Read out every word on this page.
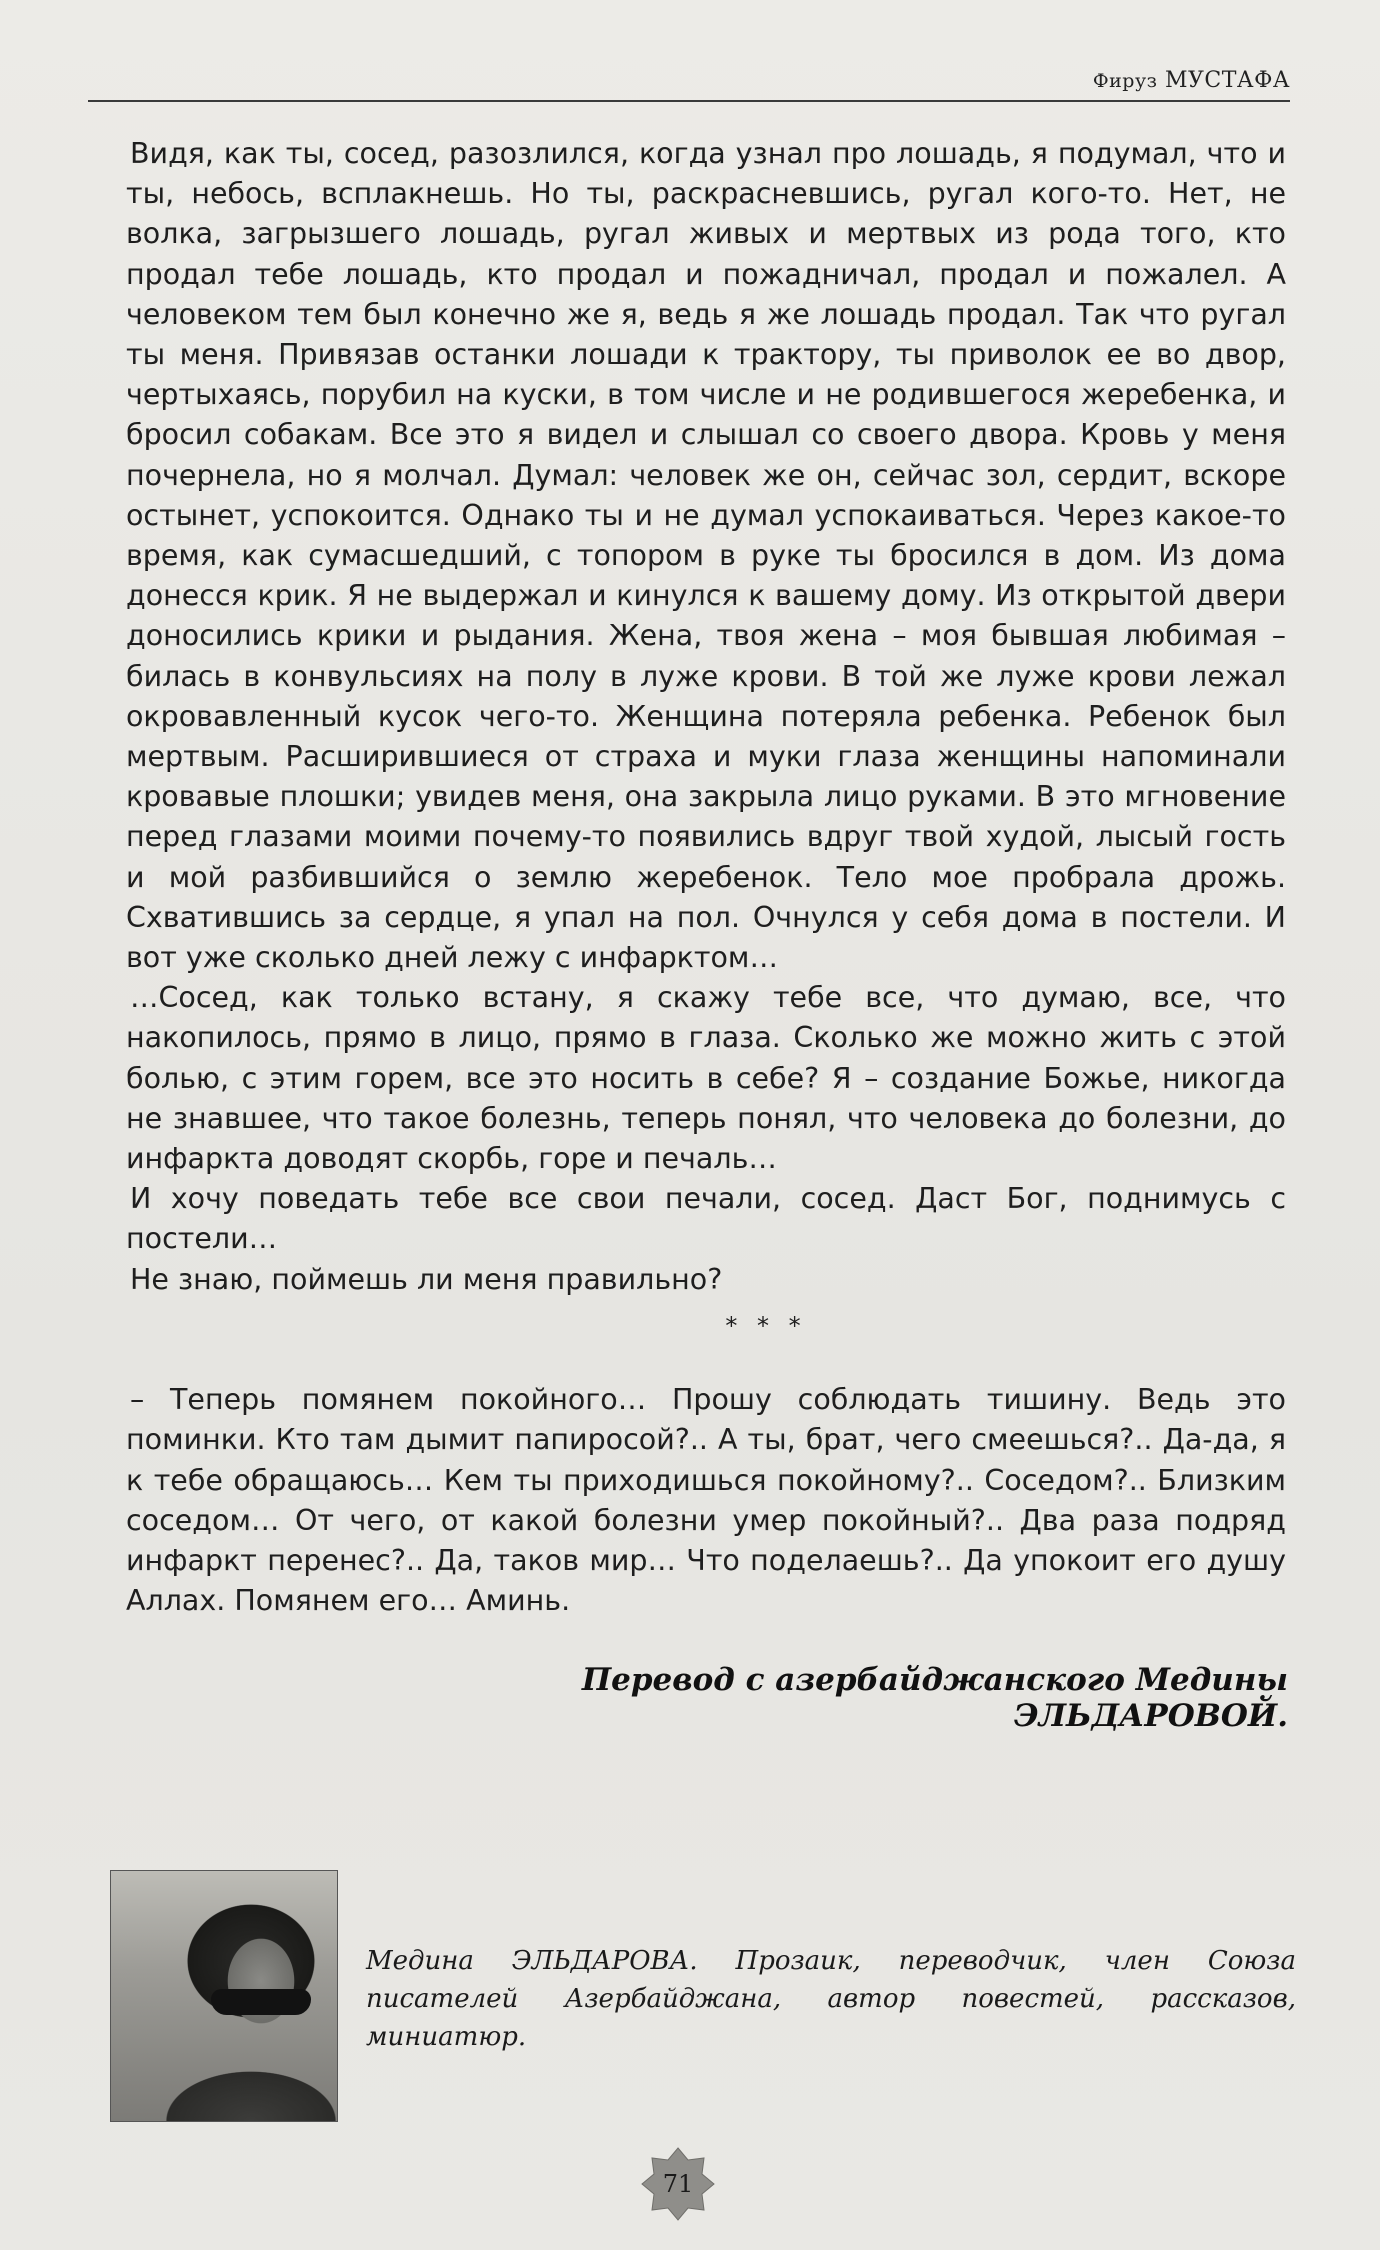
Фируз МУСТАФА

Видя, как ты, сосед, разозлился, когда узнал про лошадь, я подумал, что и ты, небось, всплакнешь. Но ты, раскрасневшись, ругал кого-то. Нет, не волка, загрызшего лошадь, ругал живых и мертвых из рода того, кто продал тебе лошадь, кто продал и пожадничал, продал и пожалел. А человеком тем был конечно же я, ведь я же лошадь продал. Так что ругал ты меня. Привязав останки лошади к трактору, ты приволок ее во двор, чертыхаясь, порубил на куски, в том числе и не родившегося жеребенка, и бросил собакам. Все это я видел и слышал со своего двора. Кровь у меня почернела, но я молчал. Думал: человек же он, сейчас зол, сердит, вскоре остынет, успокоится. Однако ты и не думал успокаиваться. Через какое-то время, как сумасшедший, с топором в руке ты бросился в дом. Из дома донесся крик. Я не выдержал и кинулся к вашему дому. Из открытой двери доносились крики и рыдания. Жена, твоя жена – моя бывшая любимая – билась в конвульсиях на полу в луже крови. В той же луже крови лежал окровавленный кусок чего-то. Женщина потеряла ребенка. Ребенок был мертвым. Расширившиеся от страха и муки глаза женщины напоминали кровавые плошки; увидев меня, она закрыла лицо руками. В это мгновение перед глазами моими почему-то появились вдруг твой худой, лысый гость и мой разбившийся о землю жеребенок. Тело мое пробрала дрожь. Схватившись за сердце, я упал на пол. Очнулся у себя дома в постели. И вот уже сколько дней лежу с инфарктом…

…Сосед, как только встану, я скажу тебе все, что думаю, все, что накопилось, прямо в лицо, прямо в глаза. Сколько же можно жить с этой болью, с этим горем, все это носить в себе? Я – создание Божье, никогда не знавшее, что такое болезнь, теперь понял, что человека до болезни, до инфаркта доводят скорбь, горе и печаль…

И хочу поведать тебе все свои печали, сосед. Даст Бог, поднимусь с постели…

Не знаю, поймешь ли меня правильно?

* * *

– Теперь помянем покойного… Прошу соблюдать тишину. Ведь это поминки. Кто там дымит папиросой?.. А ты, брат, чего смеешься?.. Да-да, я к тебе обращаюсь… Кем ты приходишься покойному?.. Соседом?.. Близким соседом… От чего, от какой болезни умер покойный?.. Два раза подряд инфаркт перенес?.. Да, таков мир… Что поделаешь?.. Да упокоит его душу Аллах. Помянем его… Аминь.

Перевод с азербайджанского Медины ЭЛЬДАРОВОЙ.
Медина ЭЛЬДАРОВА. Прозаик, переводчик, член Союза писателей Азербайджана, автор повестей, рассказов, миниатюр.
71
